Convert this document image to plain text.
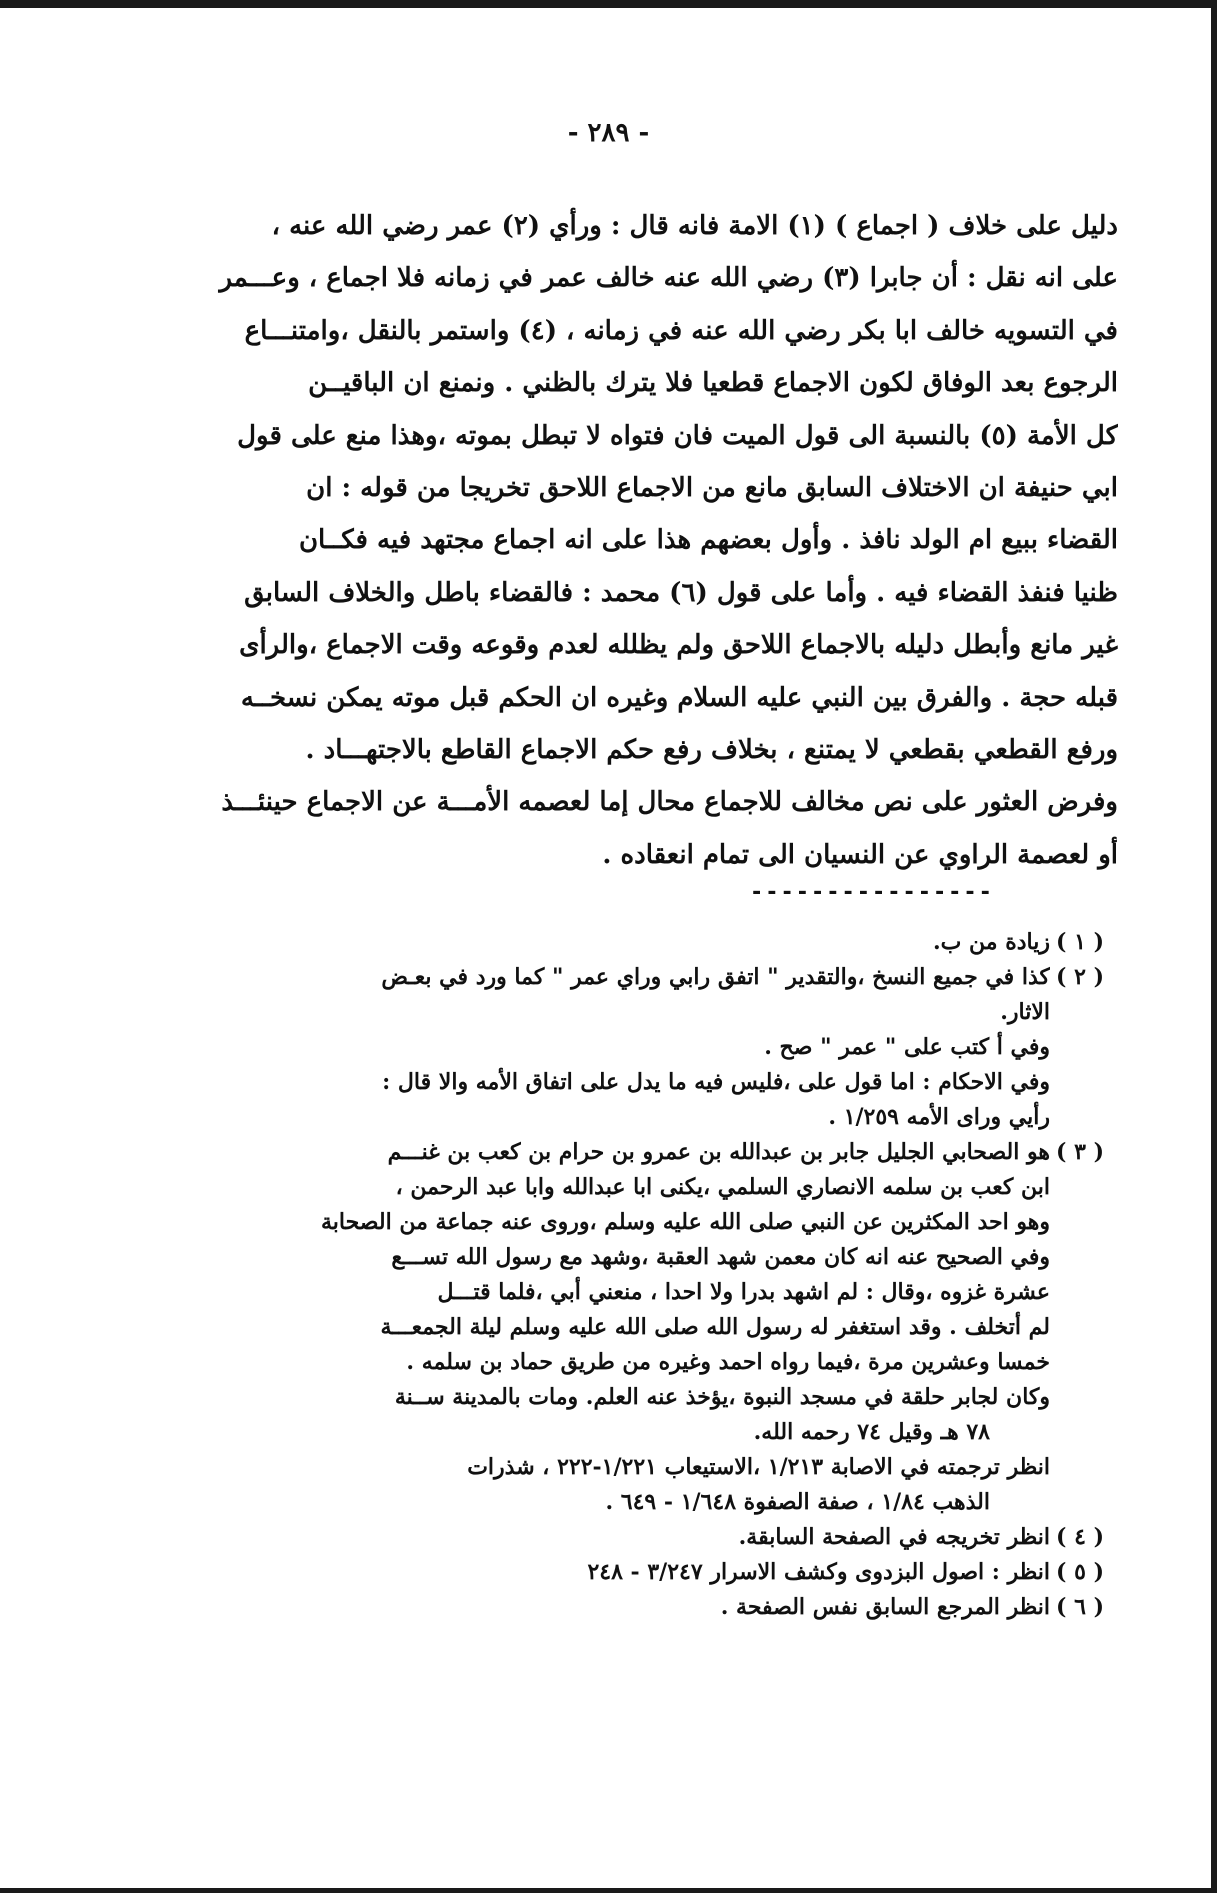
- ٢٨٩ -
دليل على خلاف ( اجماع ) (١) الامة فانه قال : ورأي (٢) عمر رضي الله عنه ،
على انه نقل : أن جابرا (٣) رضي الله عنه خالف عمر في زمانه فلا اجماع ، وعـــمر
في التسويه خالف ابا بكر رضي الله عنه في زمانه ، (٤) واستمر بالنقل ،وامتنـــاع
الرجوع بعد الوفاق لكون الاجماع قطعيا فلا يترك بالظني . ونمنع ان الباقيــن
كل الأمة (٥) بالنسبة الى قول الميت فان فتواه لا تبطل بموته ،وهذا منع على قول
ابي حنيفة ان الاختلاف السابق مانع من الاجماع اللاحق تخريجا من قوله : ان
القضاء ببيع ام الولد نافذ . وأول بعضهم هذا على انه اجماع مجتهد فيه فكــان
ظنيا فنفذ القضاء فيه . وأما على قول (٦) محمد : فالقضاء باطل والخلاف السابق
غير مانع وأبطل دليله بالاجماع اللاحق ولم يظلله لعدم وقوعه وقت الاجماع ،والرأى
قبله حجة . والفرق بين النبي عليه السلام وغيره ان الحكم قبل موته يمكن نسخــه
ورفع القطعي بقطعي لا يمتنع ، بخلاف رفع حكم الاجماع القاطع بالاجتهـــاد .
وفرض العثور على نص مخالف للاجماع محال إما لعصمه الأمـــة عن الاجماع حينئـــذ
أو لعصمة الراوي عن النسيان الى تمام انعقاده .
----------------
( ١ )
زيادة من ب.
( ٢ )
كذا في جميع النسخ ،والتقدير " اتفق رابي وراي عمر " كما ورد في بعـض
الاثار.
وفي أ كتب على " عمر " صح .
وفي الاحكام : اما قول على ،فليس فيه ما يدل على اتفاق الأمه والا قال :
رأيي وراى الأمه ١/٢٥٩ .
( ٣ )
هو الصحابي الجليل جابر بن عبدالله بن عمرو بن حرام بن كعب بن غنـــم
ابن كعب بن سلمه الانصاري السلمي ،يكنى ابا عبدالله وابا عبد الرحمن ،
وهو احد المكثرين عن النبي صلى الله عليه وسلم ،وروى عنه جماعة من الصحابة
وفي الصحيح عنه انه كان معمن شهد العقبة ،وشهد مع رسول الله تســـع
عشرة غزوه ،وقال : لم اشهد بدرا ولا احدا ، منعني أبي ،فلما قتـــل
لم أتخلف . وقد استغفر له رسول الله صلى الله عليه وسلم ليلة الجمعـــة
خمسا وعشرين مرة ،فيما رواه احمد وغيره من طريق حماد بن سلمه .
وكان لجابر حلقة في مسجد النبوة ،يؤخذ عنه العلم. ومات بالمدينة ســنة
٧٨ هـ وقيل ٧٤ رحمه الله.
انظر ترجمته في الاصابة ١/٢١٣ ،الاستيعاب ١/٢٢١-٢٢٢ ، شذرات
الذهب ١/٨٤ ، صفة الصفوة ١/٦٤٨ - ٦٤٩ .
( ٤ )
انظر تخريجه في الصفحة السابقة.
( ٥ )
انظر : اصول البزدوى وكشف الاسرار ٣/٢٤٧ - ٢٤٨
( ٦ )
انظر المرجع السابق نفس الصفحة .
